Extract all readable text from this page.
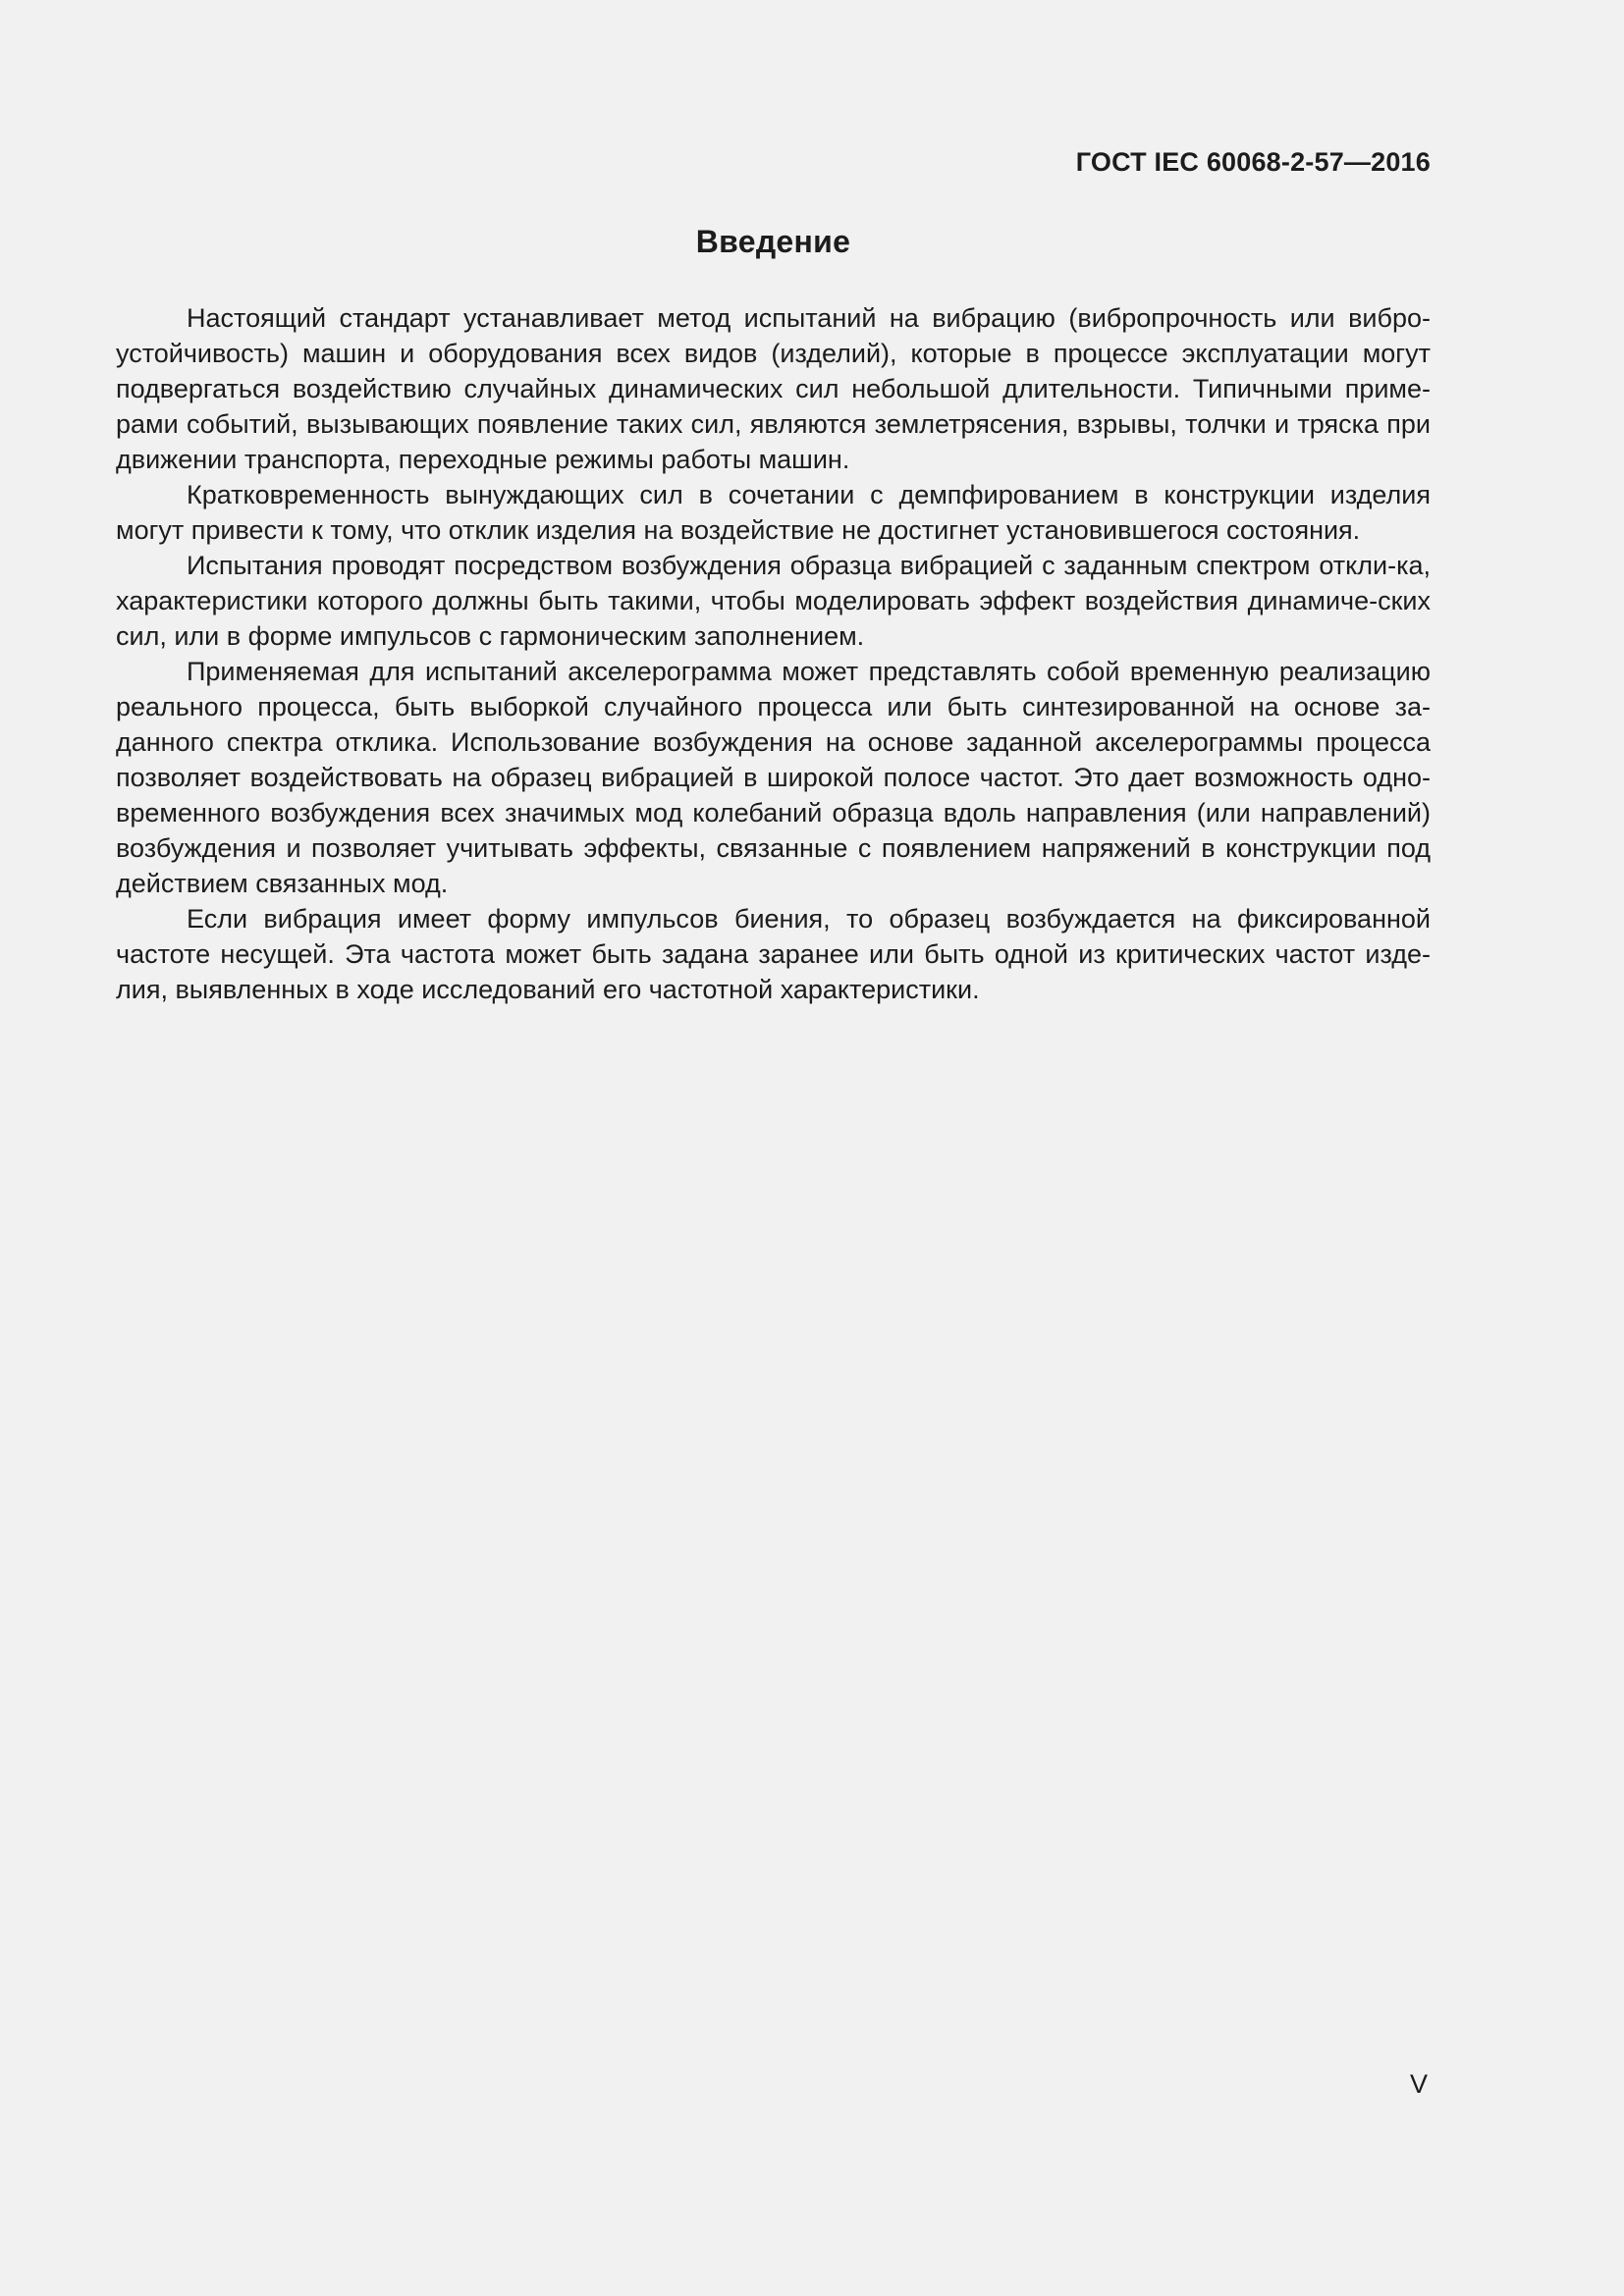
ГОСТ IEC 60068-2-57—2016
Введение

Настоящий стандарт устанавливает метод испытаний на вибрацию (вибропрочность или вибро-устойчивость) машин и оборудования всех видов (изделий), которые в процессе эксплуатации могут подвергаться воздействию случайных динамических сил небольшой длительности. Типичными приме-рами событий, вызывающих появление таких сил, являются землетрясения, взрывы, толчки и тряска при движении транспорта, переходные режимы работы машин.

Кратковременность вынуждающих сил в сочетании с демпфированием в конструкции изделия могут привести к тому, что отклик изделия на воздействие не достигнет установившегося состояния.

Испытания проводят посредством возбуждения образца вибрацией с заданным спектром откли-ка, характеристики которого должны быть такими, чтобы моделировать эффект воздействия динамиче-ских сил, или в форме импульсов с гармоническим заполнением.

Применяемая для испытаний акселерограмма может представлять собой временную реализацию реального процесса, быть выборкой случайного процесса или быть синтезированной на основе за-данного спектра отклика. Использование возбуждения на основе заданной акселерограммы процесса позволяет воздействовать на образец вибрацией в широкой полосе частот. Это дает возможность одно-временного возбуждения всех значимых мод колебаний образца вдоль направления (или направлений) возбуждения и позволяет учитывать эффекты, связанные с появлением напряжений в конструкции под действием связанных мод.

Если вибрация имеет форму импульсов биения, то образец возбуждается на фиксированной частоте несущей. Эта частота может быть задана заранее или быть одной из критических частот изде-лия, выявленных в ходе исследований его частотной характеристики.

V
